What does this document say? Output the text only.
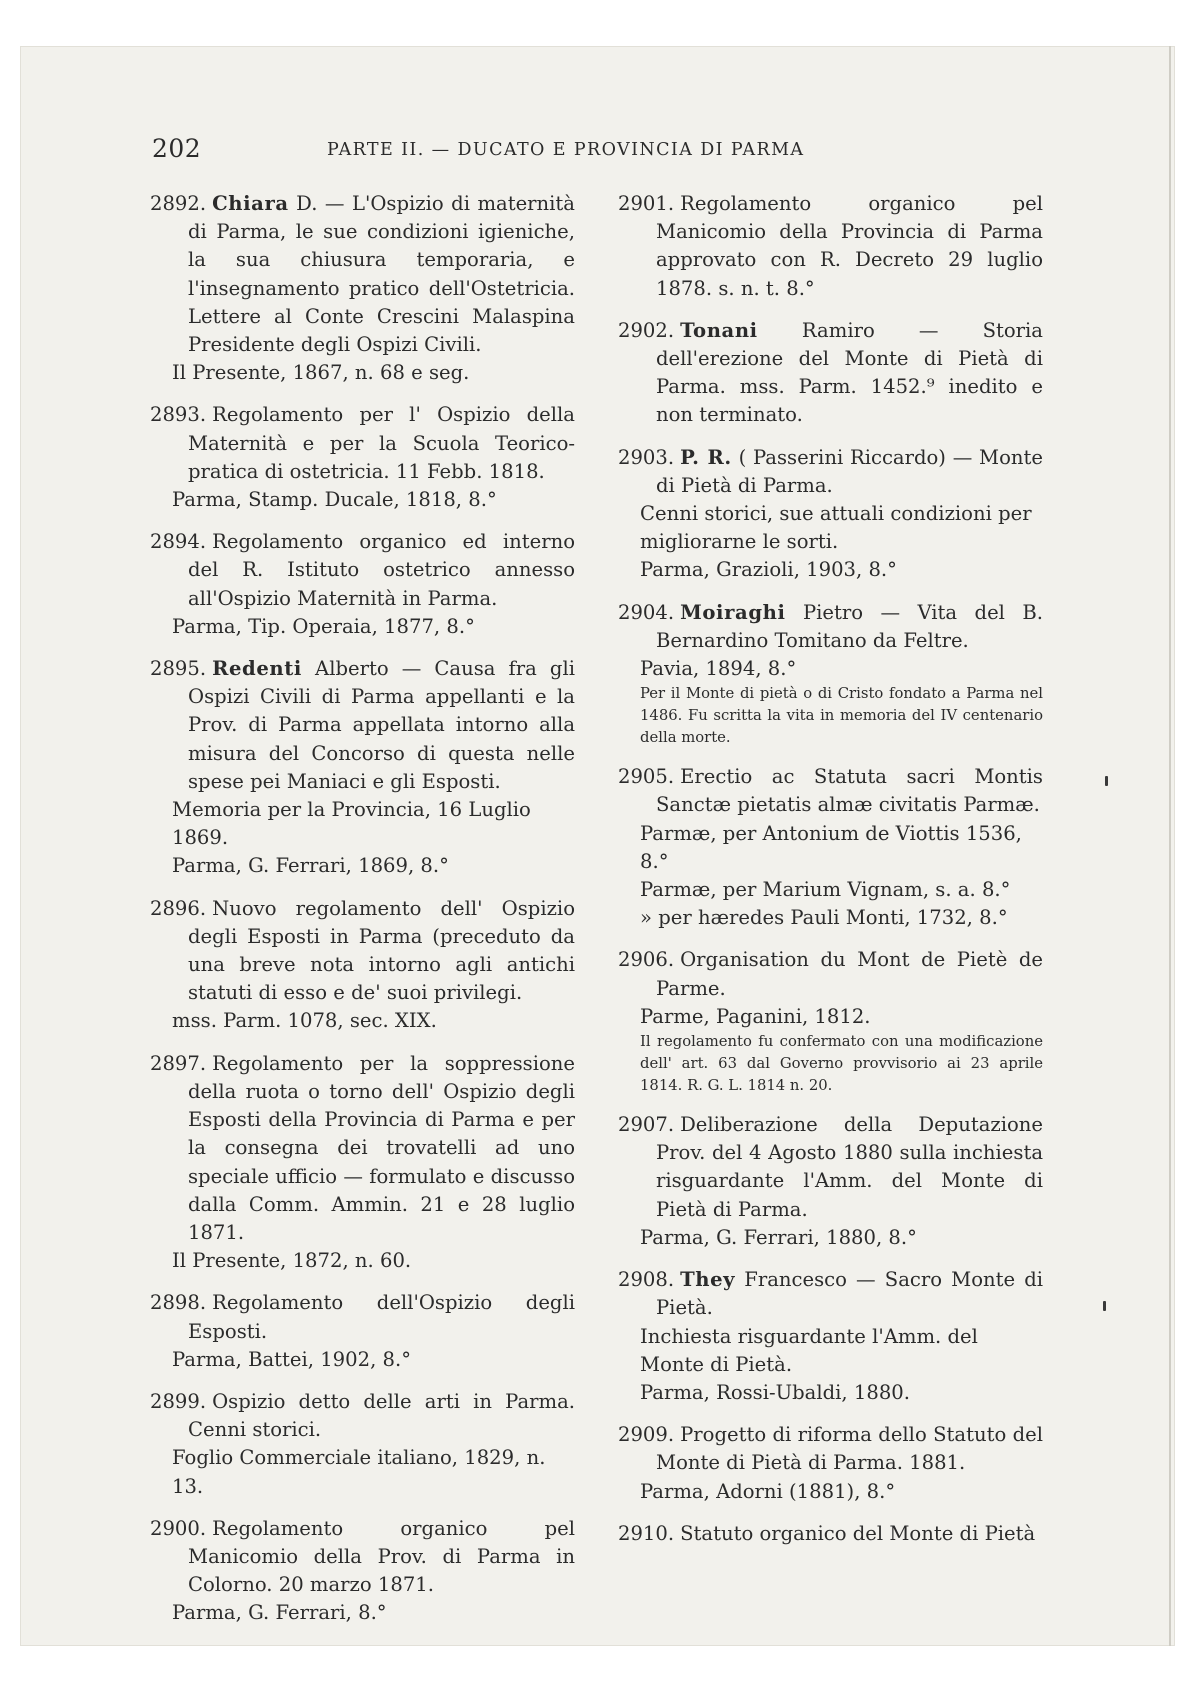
202	PARTE II. — DUCATO E PROVINCIA DI PARMA

2892. Chiara D. — L'Ospizio di maternità di Parma, le sue condizioni igieniche, la sua chiusura temporaria, e l'insegnamento pratico dell'Ostetricia. Lettere al Conte Crescini Malaspina Presidente degli Ospizi Civili.

Il Presente, 1867, n. 68 e seg.

2893. Regolamento per l' Ospizio della Maternità e per la Scuola Teorico-pratica di ostetricia. 11 Febb. 1818.

Parma, Stamp. Ducale, 1818, 8.°

2894. Regolamento organico ed interno del R. Istituto ostetrico annesso all'Ospizio Maternità in Parma.

Parma, Tip. Operaia, 1877, 8.°

2895. Redenti Alberto — Causa fra gli Ospizi Civili di Parma appellanti e la Prov. di Parma appellata intorno alla misura del Concorso di questa nelle spese pei Maniaci e gli Esposti.

Memoria per la Provincia, 16 Luglio 1869.

Parma, G. Ferrari, 1869, 8.°

2896. Nuovo regolamento dell' Ospizio degli Esposti in Parma (preceduto da una breve nota intorno agli antichi statuti di esso e de' suoi privilegi.

mss. Parm. 1078, sec. XIX.

2897. Regolamento per la soppressione della ruota o torno dell' Ospizio degli Esposti della Provincia di Parma e per la consegna dei trovatelli ad uno speciale ufficio — formulato e discusso dalla Comm. Ammin. 21 e 28 luglio 1871.

Il Presente, 1872, n. 60.

2898. Regolamento dell'Ospizio degli Esposti.

Parma, Battei, 1902, 8.°

2899. Ospizio detto delle arti in Parma. Cenni storici.

Foglio Commerciale italiano, 1829, n. 13.

2900. Regolamento organico pel Manicomio della Prov. di Parma in Colorno. 20 marzo 1871.

Parma, G. Ferrari, 8.°

2901. Regolamento organico pel Manicomio della Provincia di Parma approvato con R. Decreto 29 luglio 1878. s. n. t. 8.°

2902. Tonani Ramiro — Storia dell'erezione del Monte di Pietà di Parma. mss. Parm. 1452.⁹ inedito e non terminato.

2903. P. R. ( Passerini Riccardo) — Monte di Pietà di Parma.

Cenni storici, sue attuali condizioni per migliorarne le sorti.

Parma, Grazioli, 1903, 8.°

2904. Moiraghi Pietro — Vita del B. Bernardino Tomitano da Feltre.

Pavia, 1894, 8.°

Per il Monte di pietà o di Cristo fondato a Parma nel 1486. Fu scritta la vita in memoria del IV centenario della morte.

2905. Erectio ac Statuta sacri Montis Sanctæ pietatis almæ civitatis Parmæ.

Parmæ, per Antonium de Viottis 1536, 8.°

Parmæ, per Marium Vignam, s. a. 8.°

» per hæredes Pauli Monti, 1732, 8.°

2906. Organisation du Mont de Pietè de Parme.

Parme, Paganini, 1812.

Il regolamento fu confermato con una modificazione dell' art. 63 dal Governo provvisorio ai 23 aprile 1814. R. G. L. 1814 n. 20.

2907. Deliberazione della Deputazione Prov. del 4 Agosto 1880 sulla inchiesta risguardante l'Amm. del Monte di Pietà di Parma.

Parma, G. Ferrari, 1880, 8.°

2908. They Francesco — Sacro Monte di Pietà.

Inchiesta risguardante l'Amm. del Monte di Pietà.

Parma, Rossi-Ubaldi, 1880.

2909. Progetto di riforma dello Statuto del Monte di Pietà di Parma. 1881.

Parma, Adorni (1881), 8.°

2910. Statuto organico del Monte di Pietà
